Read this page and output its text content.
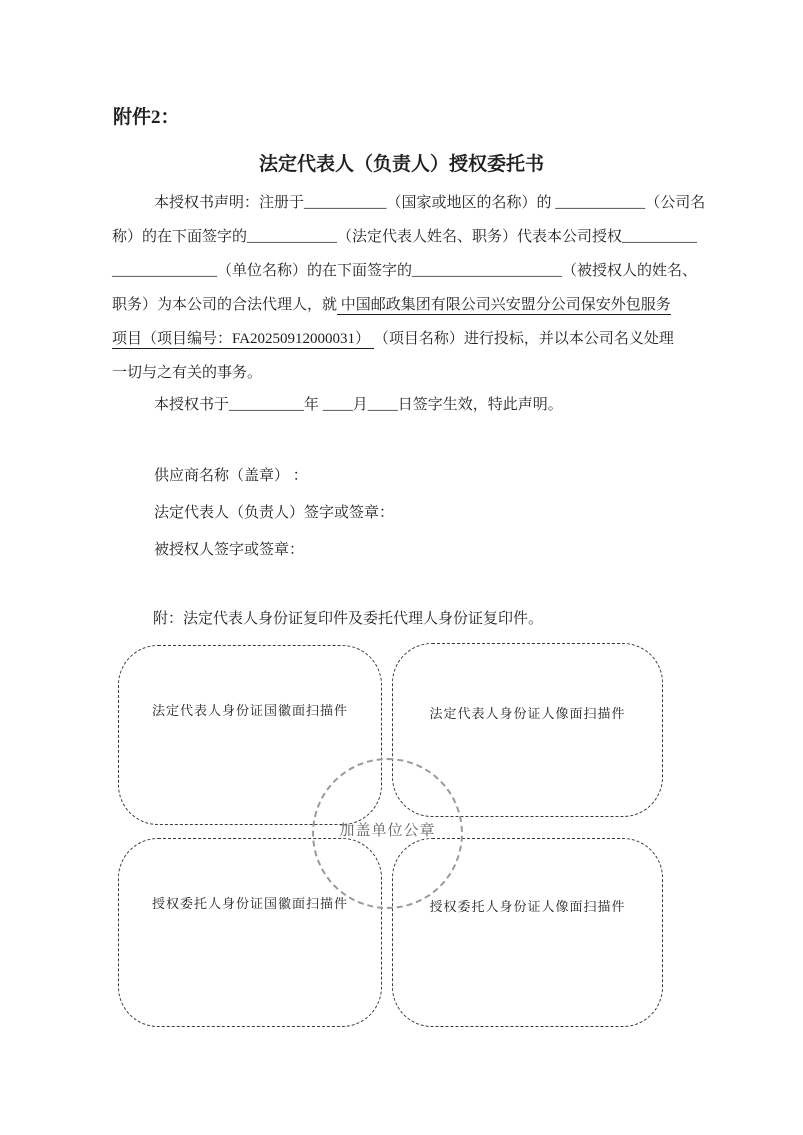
附件2：
法定代表人（负责人）授权委托书
本授权书声明：注册于___________（国家或地区的名称）的 ____________（公司名
称）的在下面签字的____________（法定代表人姓名、职务）代表本公司授权__________
______________（单位名称）的在下面签字的____________________（被授权人的姓名、
职务）为本公司的合法代理人，就 中国邮政集团有限公司兴安盟分公司保安外包服务
项目（项目编号：FA20250912000031） （项目名称）进行投标，并以本公司名义处理
一切与之有关的事务。
本授权书于__________年 ____月____日签字生效，特此声明。
供应商名称（盖章） ：
法定代表人（负责人）签字或签章：
被授权人签字或签章：
附：法定代表人身份证复印件及委托代理人身份证复印件。
法定代表人身份证国徽面扫描件	法定代表人身份证人像面扫描件
授权委托人身份证国徽面扫描件	授权委托人身份证人像面扫描件
加盖单位公章
